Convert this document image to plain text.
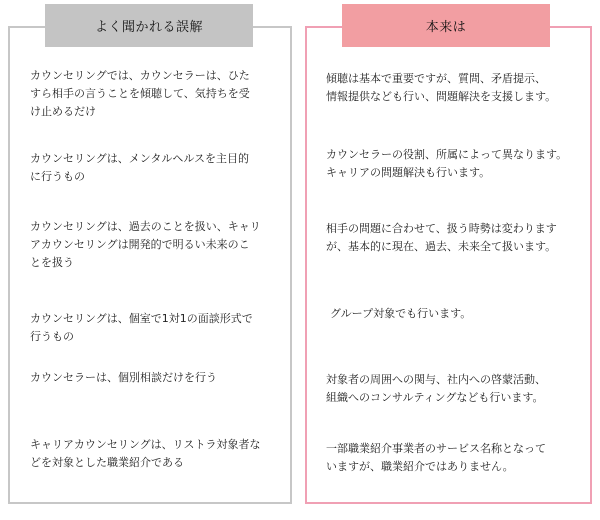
よく聞かれる誤解	本来は
カウンセリングでは、カウンセラーは、ひた
すら相手の言うことを傾聴して、気持ちを受
け止めるだけ
カウンセリングは、メンタルヘルスを主目的
に行うもの
カウンセリングは、過去のことを扱い、キャリ
アカウンセリングは開発的で明るい未来のこ
とを扱う
カウンセリングは、個室で1対1の面談形式で
行うもの
カウンセラーは、個別相談だけを行う
キャリアカウンセリングは、リストラ対象者な
どを対象とした職業紹介である
傾聴は基本で重要ですが、質問、矛盾提示、
情報提供なども行い、問題解決を支援します。
カウンセラーの役割、所属によって異なります。
キャリアの問題解決も行います。
相手の問題に合わせて、扱う時勢は変わります
が、基本的に現在、過去、未来全て扱います。
グループ対象でも行います。
対象者の周囲への関与、社内への啓蒙活動、
組織へのコンサルティングなども行います。
一部職業紹介事業者のサービス名称となって
いますが、職業紹介ではありません。
